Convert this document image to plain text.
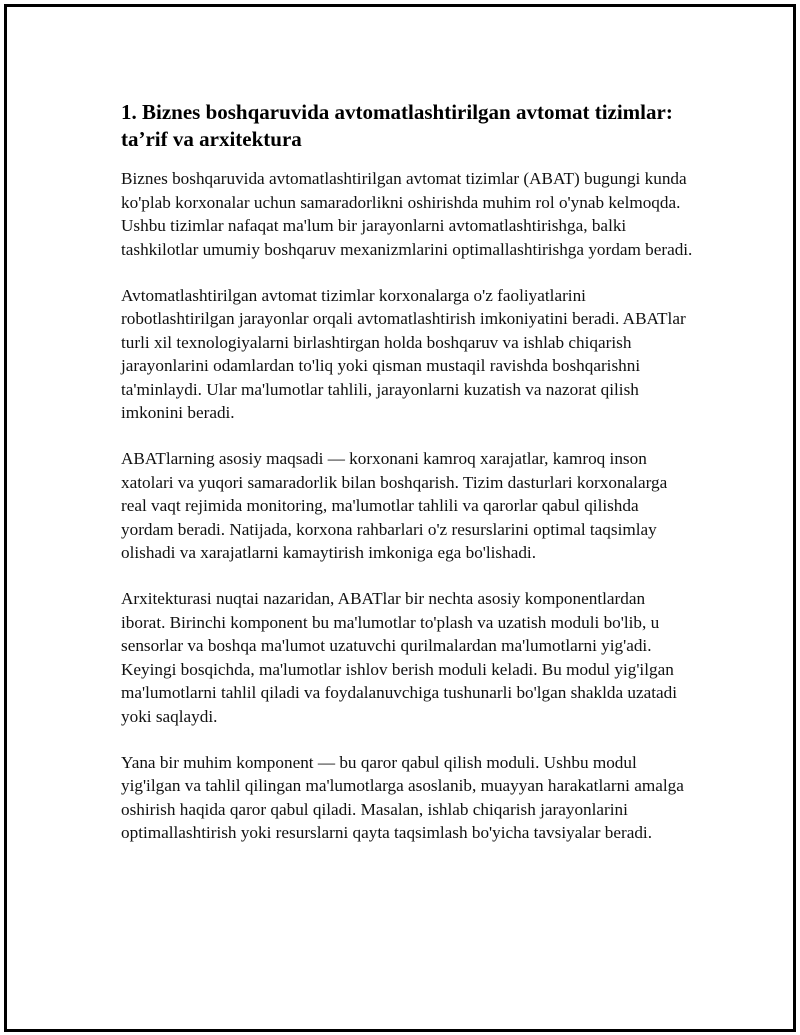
1. Biznes boshqaruvida avtomatlashtirilgan avtomat tizimlar: ta’rif va arxitektura

Biznes boshqaruvida avtomatlashtirilgan avtomat tizimlar (ABAT) bugungi kunda ko'plab korxonalar uchun samaradorlikni oshirishda muhim rol o'ynab kelmoqda. Ushbu tizimlar nafaqat ma'lum bir jarayonlarni avtomatlashtirishga, balki tashkilotlar umumiy boshqaruv mexanizmlarini optimallashtirishga yordam beradi.

Avtomatlashtirilgan avtomat tizimlar korxonalarga o'z faoliyatlarini robotlashtirilgan jarayonlar orqali avtomatlashtirish imkoniyatini beradi. ABATlar turli xil texnologiyalarni birlashtirgan holda boshqaruv va ishlab chiqarish jarayonlarini odamlardan to'liq yoki qisman mustaqil ravishda boshqarishni ta'minlaydi. Ular ma'lumotlar tahlili, jarayonlarni kuzatish va nazorat qilish imkonini beradi.

ABATlarning asosiy maqsadi — korxonani kamroq xarajatlar, kamroq inson xatolari va yuqori samaradorlik bilan boshqarish. Tizim dasturlari korxonalarga real vaqt rejimida monitoring, ma'lumotlar tahlili va qarorlar qabul qilishda yordam beradi. Natijada, korxona rahbarlari o'z resurslarini optimal taqsimlay olishadi va xarajatlarni kamaytirish imkoniga ega bo'lishadi.

Arxitekturasi nuqtai nazaridan, ABATlar bir nechta asosiy komponentlardan iborat. Birinchi komponent bu ma'lumotlar to'plash va uzatish moduli bo'lib, u sensorlar va boshqa ma'lumot uzatuvchi qurilmalardan ma'lumotlarni yig'adi. Keyingi bosqichda, ma'lumotlar ishlov berish moduli keladi. Bu modul yig'ilgan ma'lumotlarni tahlil qiladi va foydalanuvchiga tushunarli bo'lgan shaklda uzatadi yoki saqlaydi.

Yana bir muhim komponent — bu qaror qabul qilish moduli. Ushbu modul yig'ilgan va tahlil qilingan ma'lumotlarga asoslanib, muayyan harakatlarni amalga oshirish haqida qaror qabul qiladi. Masalan, ishlab chiqarish jarayonlarini optimallashtirish yoki resurslarni qayta taqsimlash bo'yicha tavsiyalar beradi.
